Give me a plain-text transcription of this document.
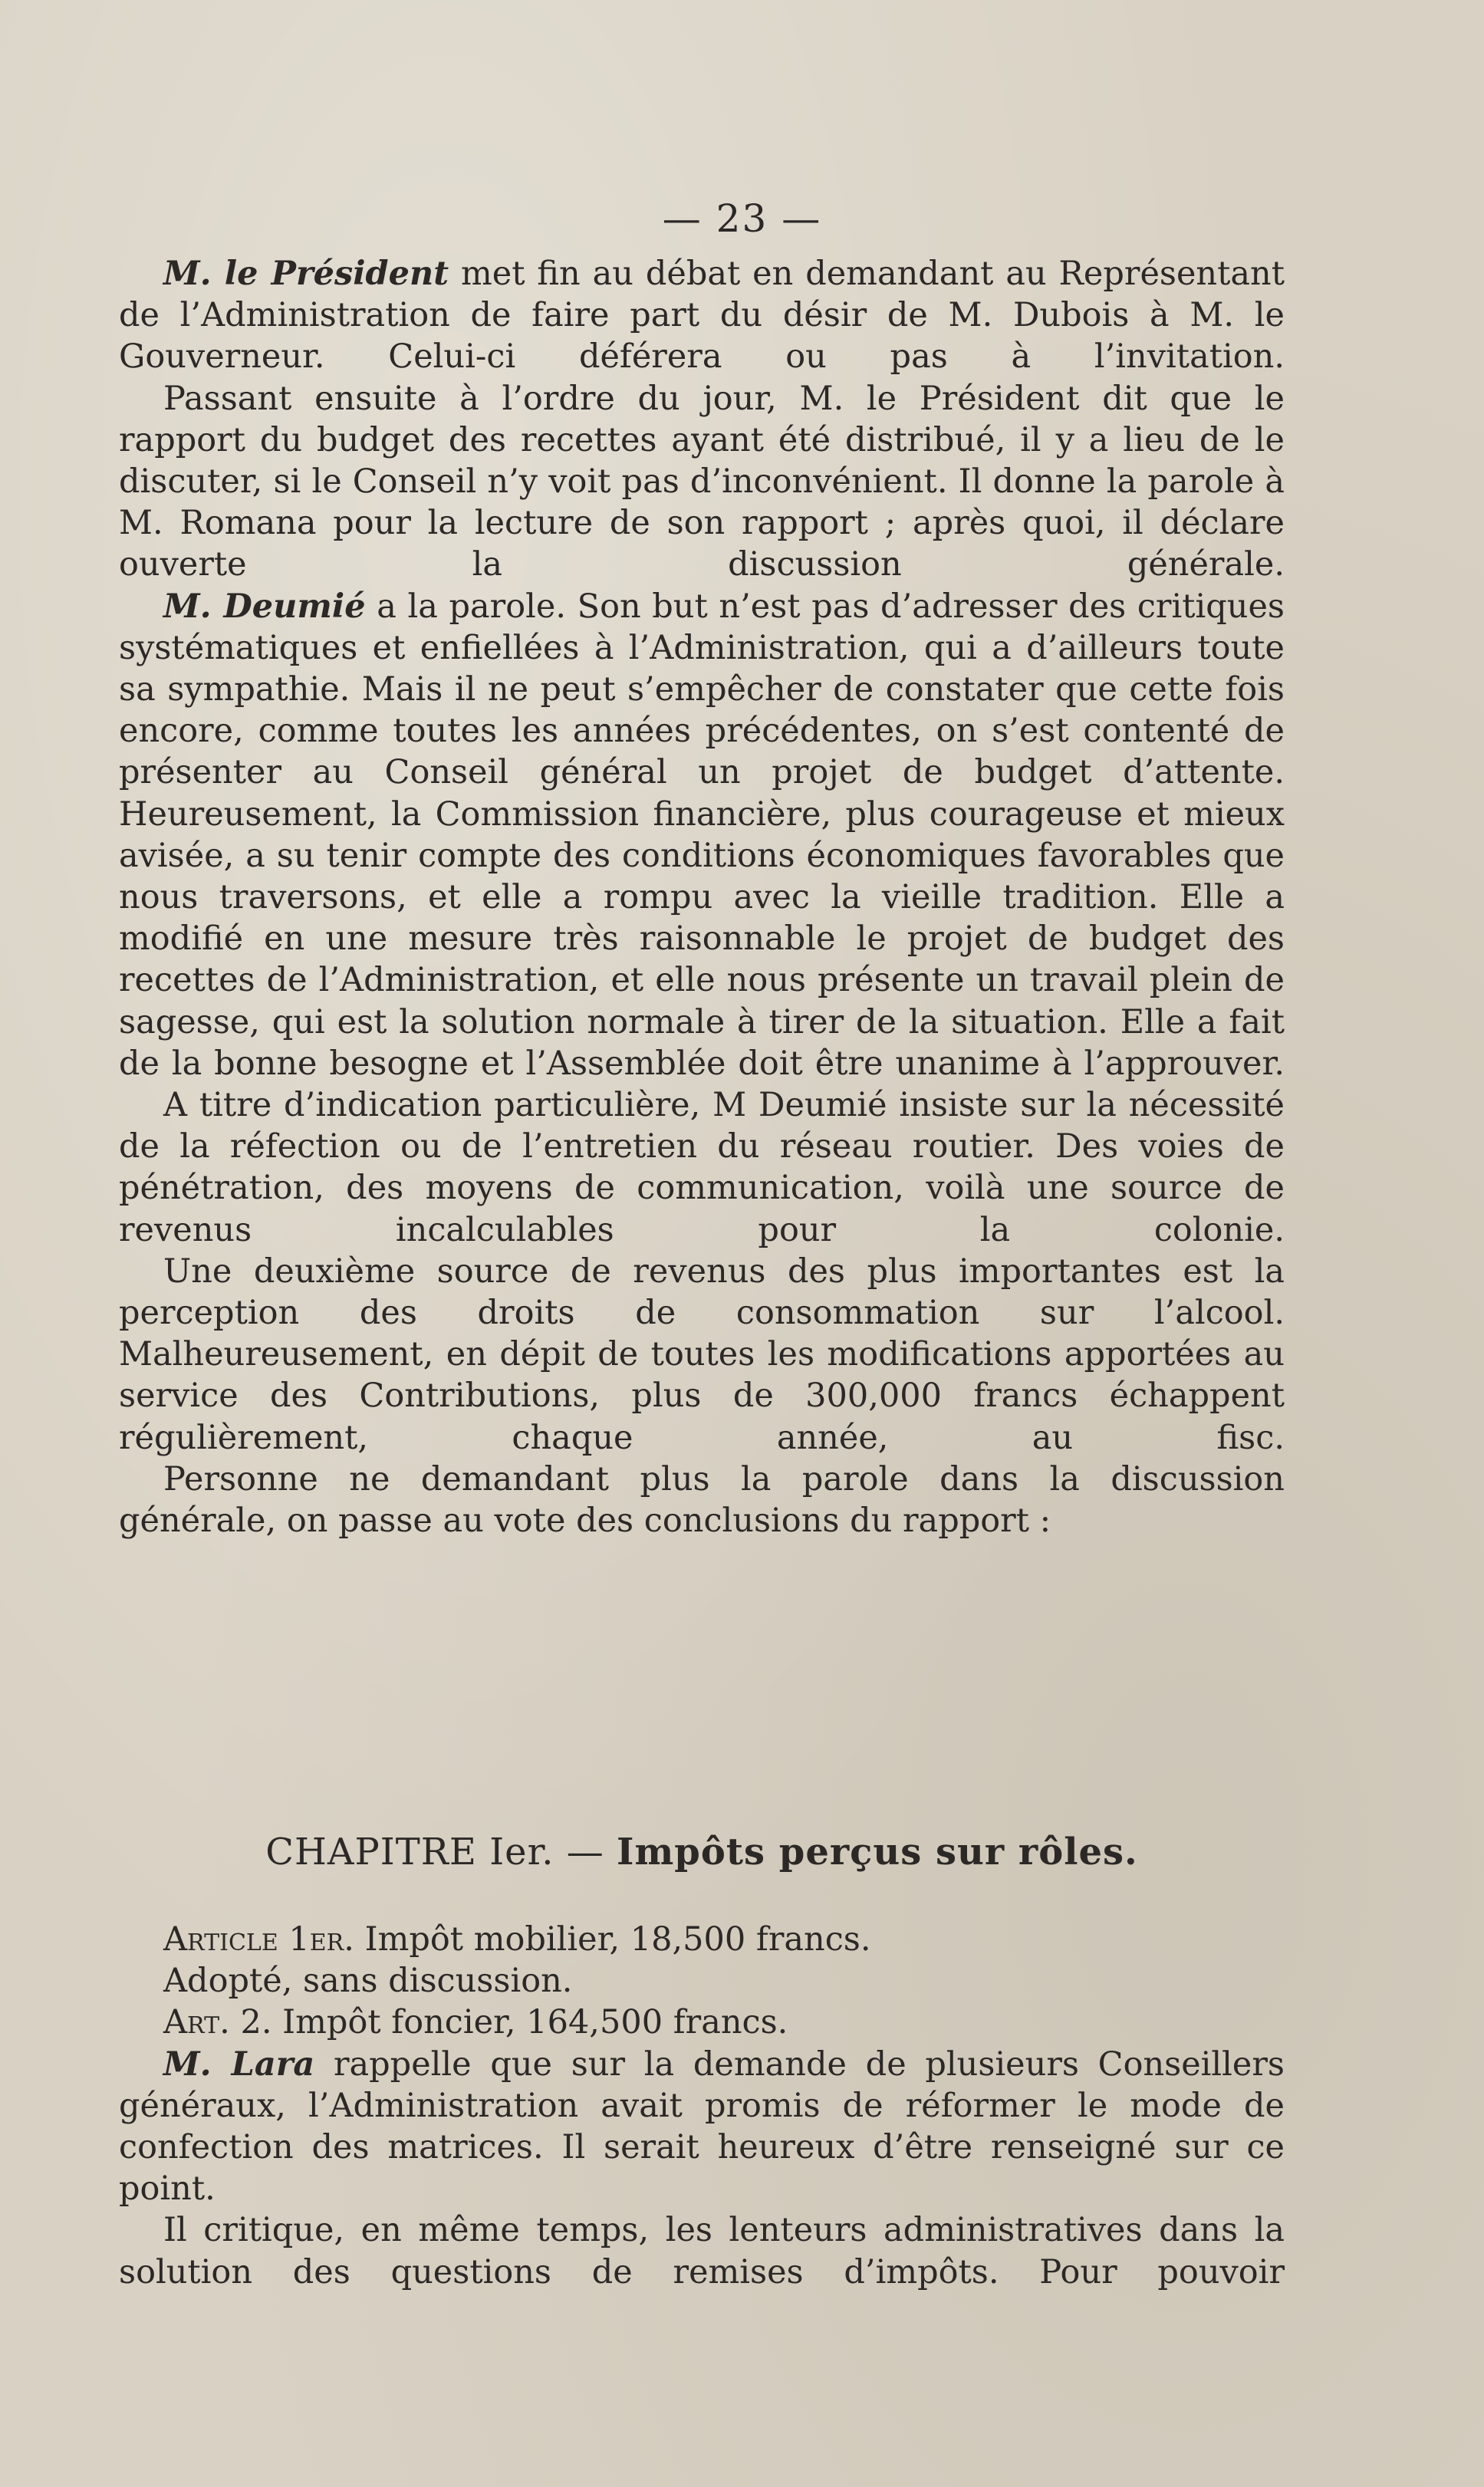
— 23 —

M. le Président met fin au débat en demandant au Représentant de l’Administration de faire part du désir de M. Dubois à M. le Gouverneur. Celui-ci déférera ou pas à l’invitation.

Passant ensuite à l’ordre du jour, M. le Président dit que le rapport du budget des recettes ayant été distribué, il y a lieu de le discuter, si le Conseil n’y voit pas d’inconvénient. Il donne la parole à M. Romana pour la lecture de son rapport ; après quoi, il déclare ouverte la discussion générale.

M. Deumié a la parole. Son but n’est pas d’adresser des critiques systématiques et enfiellées à l’Administration, qui a d’ailleurs toute sa sympathie. Mais il ne peut s’empêcher de constater que cette fois encore, comme toutes les années précédentes, on s’est contenté de présenter au Conseil général un projet de budget d’attente. Heureusement, la Commission financière, plus courageuse et mieux avisée, a su tenir compte des conditions économiques favorables que nous traversons, et elle a rompu avec la vieille tradition. Elle a modifié en une mesure très raisonnable le projet de budget des recettes de l’Administration, et elle nous présente un travail plein de sagesse, qui est la solution normale à tirer de la situation. Elle a fait de la bonne besogne et l’Assemblée doit être unanime à l’approuver.

A titre d’indication particulière, M Deumié insiste sur la nécessité de la réfection ou de l’entretien du réseau routier. Des voies de pénétration, des moyens de communication, voilà une source de revenus incalculables pour la colonie.

Une deuxième source de revenus des plus importantes est la perception des droits de consommation sur l’alcool. Malheureusement, en dépit de toutes les modifications apportées au service des Contributions, plus de 300,000 francs échappent régulièrement, chaque année, au fisc.

Personne ne demandant plus la parole dans la discussion générale, on passe au vote des conclusions du rapport :

CHAPITRE Ier. — Impôts perçus sur rôles.

Article 1er. Impôt mobilier, 18,500 francs.

Adopté, sans discussion.

Art. 2. Impôt foncier, 164,500 francs.

M. Lara rappelle que sur la demande de plusieurs Conseillers généraux, l’Administration avait promis de réformer le mode de confection des matrices. Il serait heureux d’être renseigné sur ce point.

Il critique, en même temps, les lenteurs administratives dans la solution des questions de remises d’impôts. Pour pouvoir
